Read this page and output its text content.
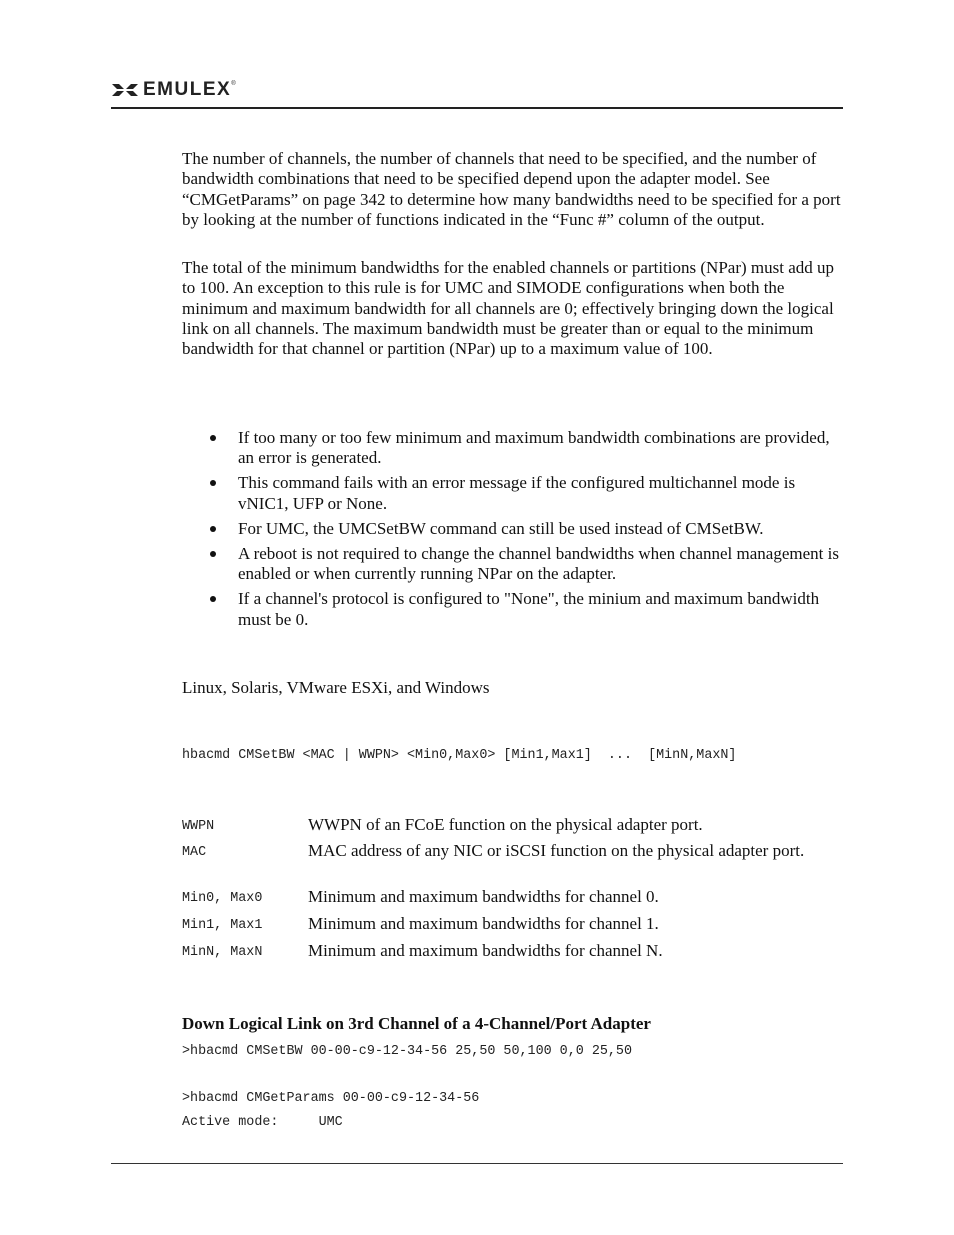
EMULEX ®

The number of channels, the number of channels that need to be specified, and the number of bandwidth combinations that need to be specified depend upon the adapter model. See “CMGetParams” on page 342 to determine how many bandwidths need to be specified for a port by looking at the number of functions indicated in the “Func #” column of the output.

The total of the minimum bandwidths for the enabled channels or partitions (NPar) must add up to 100. An exception to this rule is for UMC and SIMODE configurations when both the minimum and maximum bandwidth for all channels are 0; effectively bringing down the logical link on all channels. The maximum bandwidth must be greater than or equal to the minimum bandwidth for that channel or partition (NPar) up to a maximum value of 100.

If too many or too few minimum and maximum bandwidth combinations are provided, an error is generated.
This command fails with an error message if the configured multichannel mode is vNIC1, UFP or None.
For UMC, the UMCSetBW command can still be used instead of CMSetBW.
A reboot is not required to change the channel bandwidths when channel management is enabled or when currently running NPar on the adapter.
If a channel's protocol is configured to "None", the minium and maximum bandwidth must be 0.
Linux, Solaris, VMware ESXi, and Windows
hbacmd CMSetBW <MAC | WWPN> <Min0,Max0> [Min1,Max1]  ...  [MinN,MaxN]
WWPN	WWPN of an FCoE function on the physical adapter port.
MAC	MAC address of any NIC or iSCSI function on the physical adapter port.
Min0, Max0	Minimum and maximum bandwidths for channel 0.
Min1, Max1	Minimum and maximum bandwidths for channel 1.
MinN, MaxN	Minimum and maximum bandwidths for channel N.
Down Logical Link on 3rd Channel of a 4-Channel/Port Adapter
>hbacmd CMSetBW 00-00-c9-12-34-56 25,50 50,100 0,0 25,50
>hbacmd CMGetParams 00-00-c9-12-34-56
Active mode:     UMC
